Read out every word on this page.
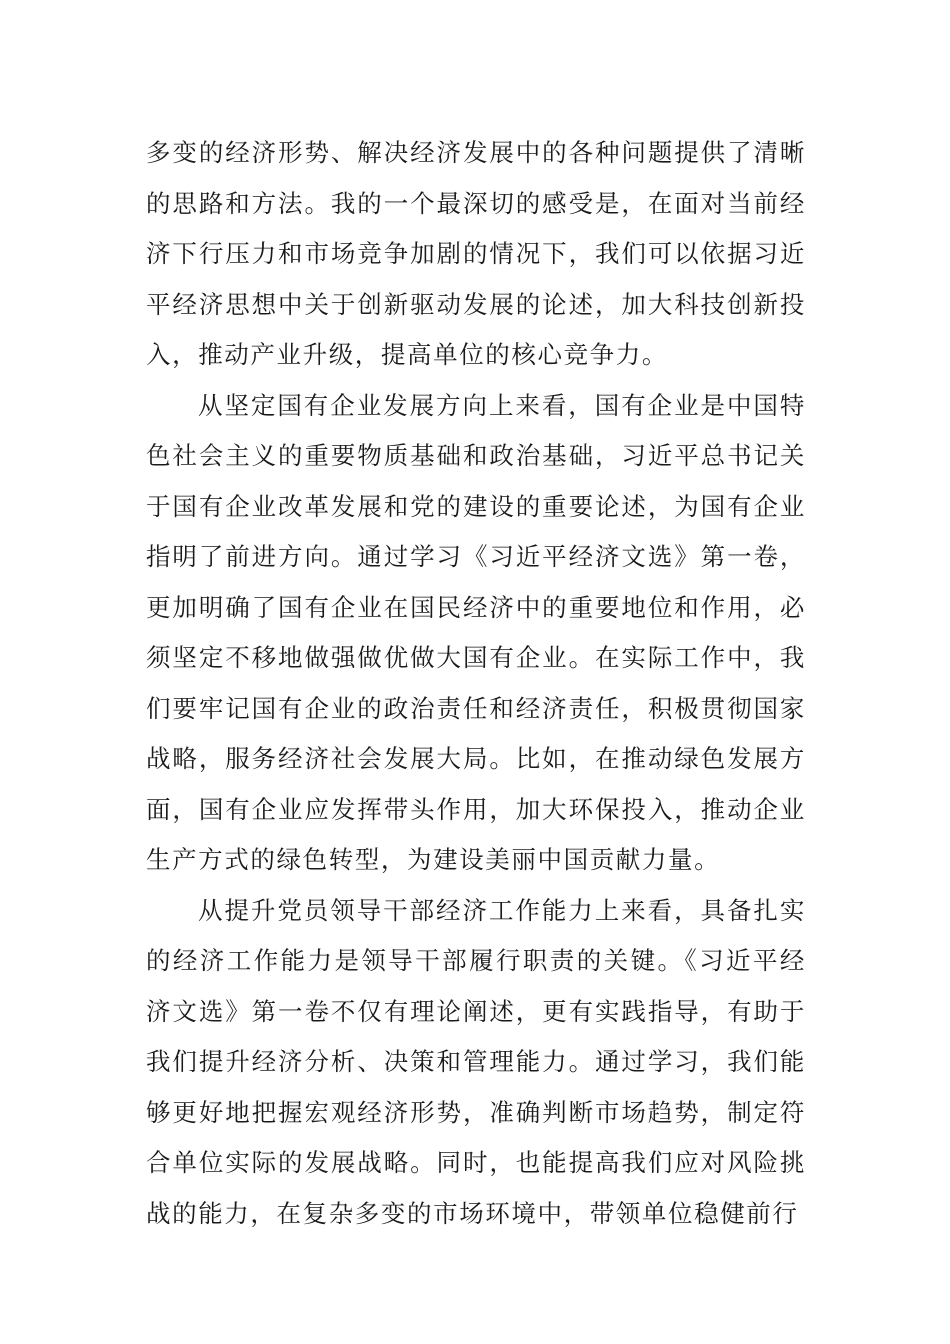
多变的经济形势、解决经济发展中的各种问题提供了清晰的思路和方法。我的一个最深切的感受是，在面对当前经济下行压力和市场竞争加剧的情况下，我们可以依据习近平经济思想中关于创新驱动发展的论述，加大科技创新投入，推动产业升级，提高单位的核心竞争力。

从坚定国有企业发展方向上来看，国有企业是中国特色社会主义的重要物质基础和政治基础，习近平总书记关于国有企业改革发展和党的建设的重要论述，为国有企业指明了前进方向。通过学习《习近平经济文选》第一卷，更加明确了国有企业在国民经济中的重要地位和作用，必须坚定不移地做强做优做大国有企业。在实际工作中，我们要牢记国有企业的政治责任和经济责任，积极贯彻国家战略，服务经济社会发展大局。比如，在推动绿色发展方面，国有企业应发挥带头作用，加大环保投入，推动企业生产方式的绿色转型，为建设美丽中国贡献力量。

从提升党员领导干部经济工作能力上来看，具备扎实的经济工作能力是领导干部履行职责的关键。《习近平经济文选》第一卷不仅有理论阐述，更有实践指导，有助于我们提升经济分析、决策和管理能力。通过学习，我们能够更好地把握宏观经济形势，准确判断市场趋势，制定符合单位实际的发展战略。同时，也能提高我们应对风险挑战的能力，在复杂多变的市场环境中，带领单位稳健前行
